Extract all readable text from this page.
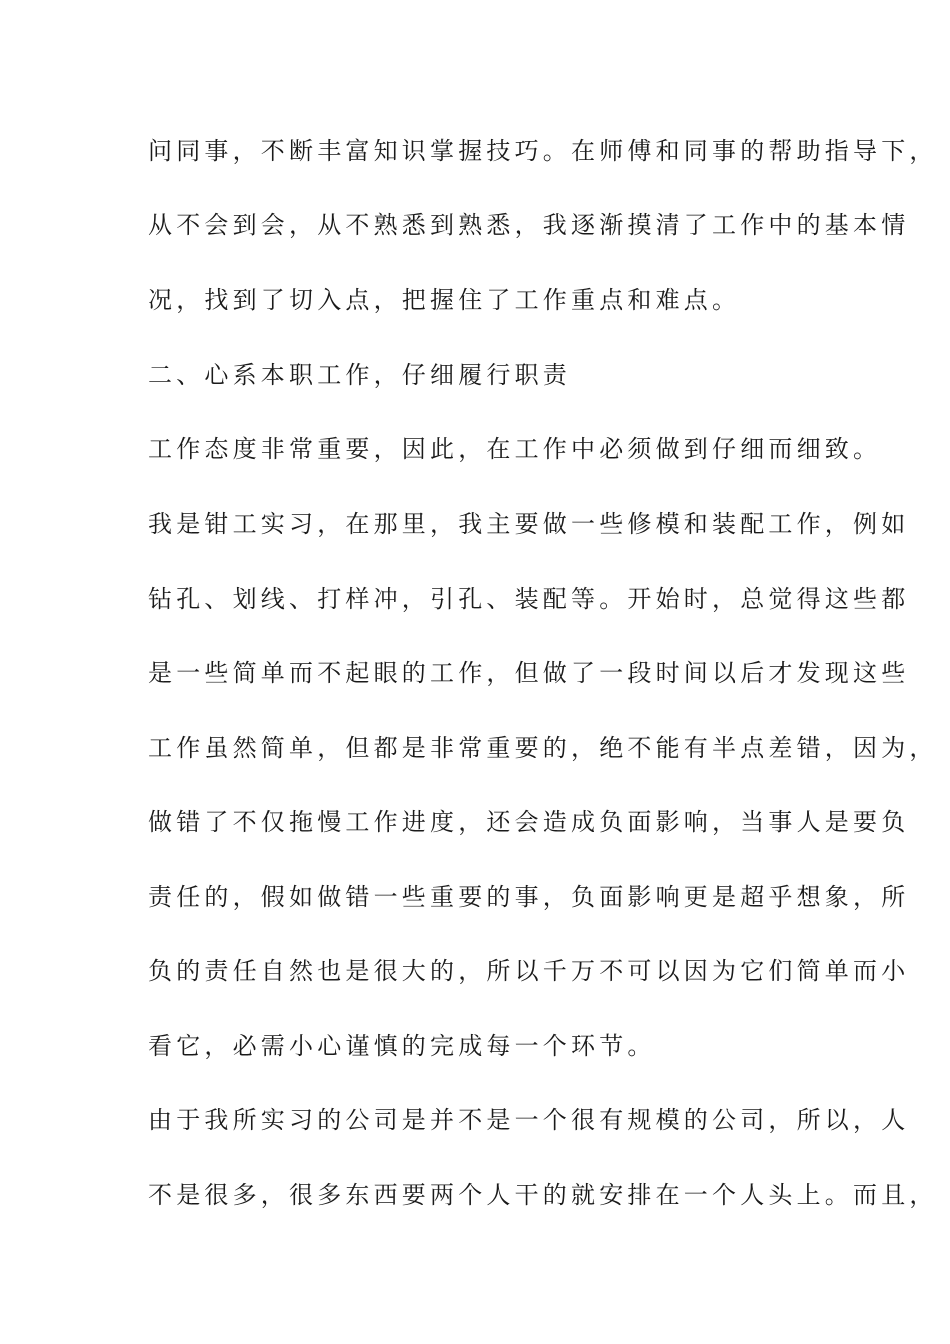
问同事，不断丰富知识掌握技巧。在师傅和同事的帮助指导下，
从不会到会，从不熟悉到熟悉，我逐渐摸清了工作中的基本情
况，找到了切入点，把握住了工作重点和难点。
二、心系本职工作，仔细履行职责
工作态度非常重要，因此，在工作中必须做到仔细而细致。
我是钳工实习，在那里，我主要做一些修模和装配工作，例如
钻孔、划线、打样冲，引孔、装配等。开始时，总觉得这些都
是一些简单而不起眼的工作，但做了一段时间以后才发现这些
工作虽然简单，但都是非常重要的，绝不能有半点差错，因为，
做错了不仅拖慢工作进度，还会造成负面影响，当事人是要负
责任的，假如做错一些重要的事，负面影响更是超乎想象，所
负的责任自然也是很大的，所以千万不可以因为它们简单而小
看它，必需小心谨慎的完成每一个环节。
由于我所实习的公司是并不是一个很有规模的公司，所以，人
不是很多，很多东西要两个人干的就安排在一个人头上。而且，
